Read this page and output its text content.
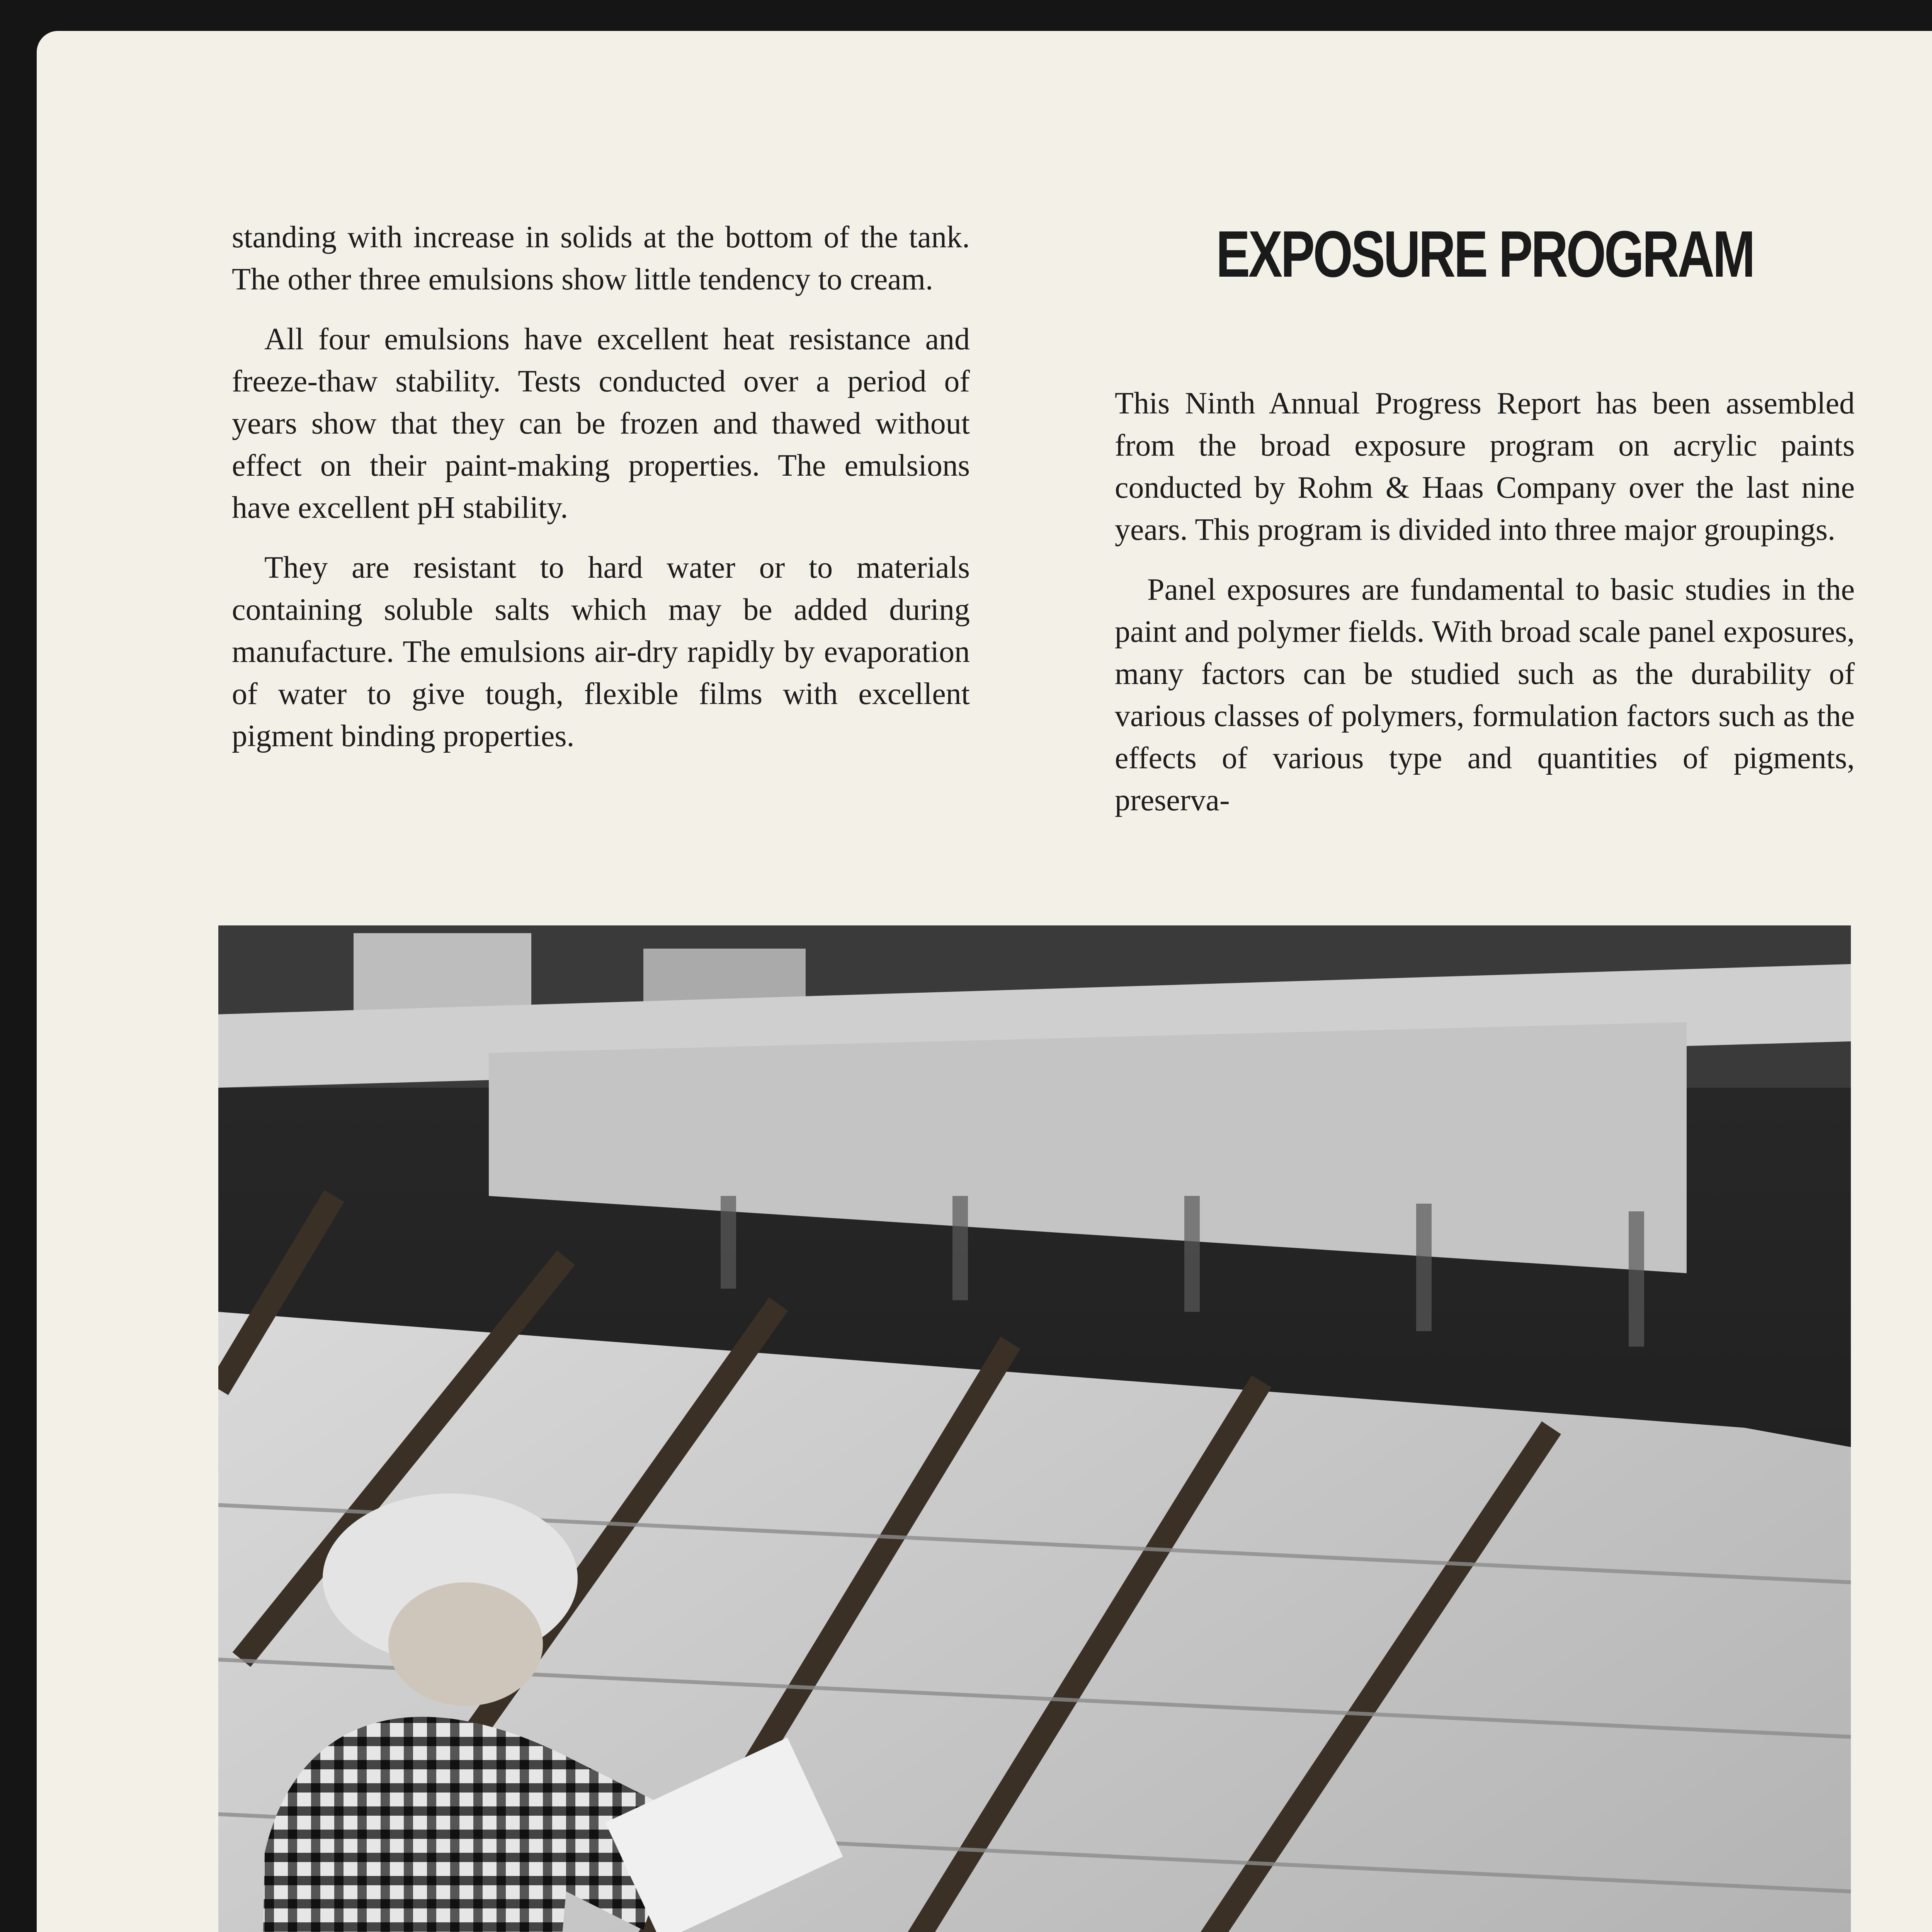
standing with increase in solids at the bottom of the tank. The other three emulsions show little tendency to cream.

All four emulsions have excellent heat resistance and freeze-thaw stability. Tests conducted over a period of years show that they can be frozen and thawed without effect on their paint-making properties. The emulsions have excellent pH stability.

They are resistant to hard water or to materials containing soluble salts which may be added during manufacture. The emulsions air-dry rapidly by evaporation of water to give tough, flexible films with excellent pigment binding properties.

EXPOSURE PROGRAM

This Ninth Annual Progress Report has been assembled from the broad exposure program on acrylic paints conducted by Rohm & Haas Company over the last nine years. This program is divided into three major groupings.

Panel exposures are fundamental to basic studies in the paint and polymer fields. With broad scale panel exposures, many factors can be studied such as the durability of various classes of polymers, formulation factors such as the effects of various type and quantities of pigments, preserva-
